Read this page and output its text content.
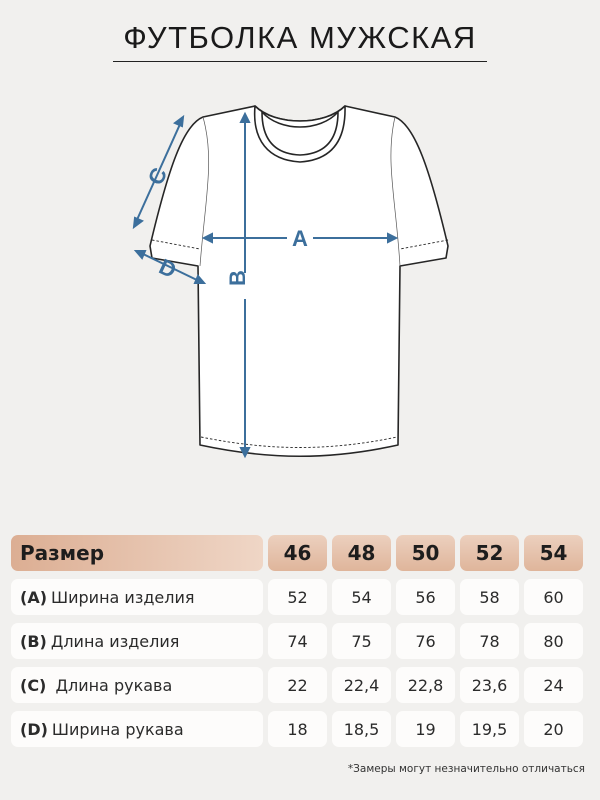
ФУТБОЛКА МУЖСКАЯ
A
B
C
D
Размер	46	48	50	52	54
(A) Ширина изделия	52	54	56	58	60
(B) Длина изделия	74	75	76	78	80
(C) Длина рукава	22	22,4	22,8	23,6	24
(D) Ширина рукава	18	18,5	19	19,5	20
*Замеры могут незначительно отличаться
